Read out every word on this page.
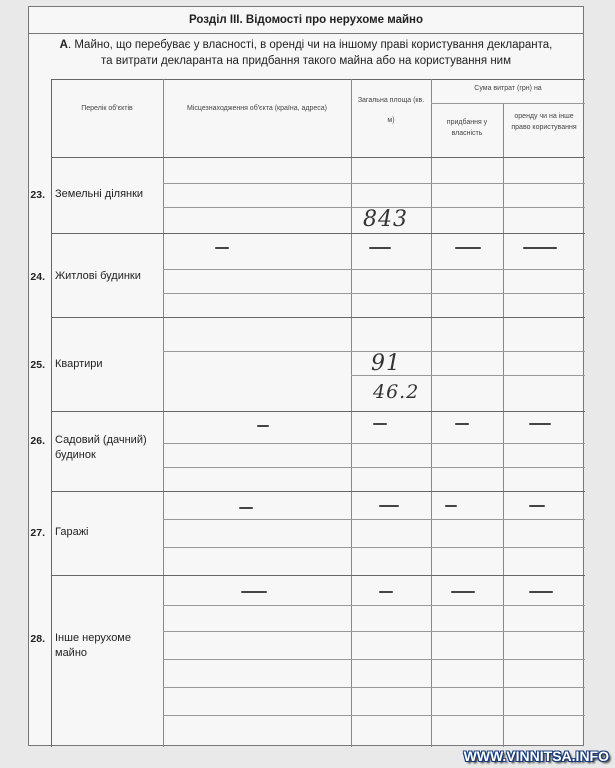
Розділ III. Відомості про нерухоме майно
А. Майно, що перебуває у власності, в оренді чи на іншому праві користування декларанта,
та витрати декларанта на придбання такого майна або на користування ним
Перелік об'єктів	Місцезнаходження об'єкта (країна, адреса)
Загальна площа (кв. м)
Сума витрат (грн) на
придбання у власність
оренду чи на інше право користування
23. Земельні ділянки
24. Житлові будинки
25. Квартири
26. Садовий (дачний) будинок
27. Гаражі
28. Інше нерухоме майно
843
91
46.2
WWW.VINNITSA.INFO
